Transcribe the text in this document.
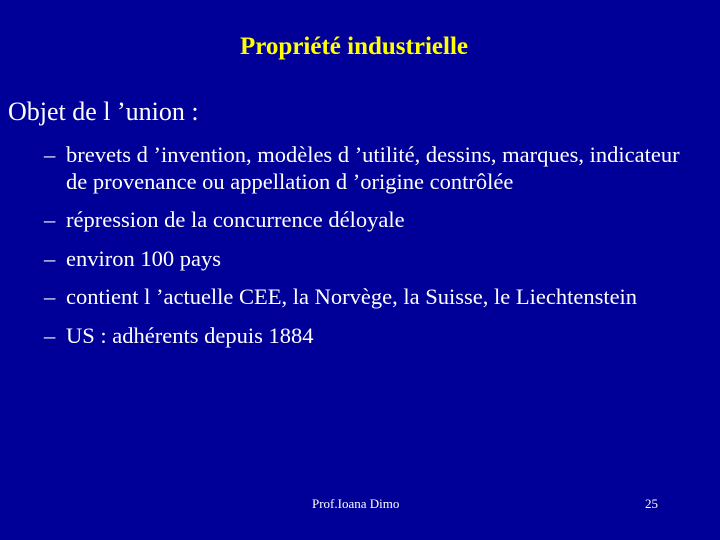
Propriété industrielle

Objet de l ’union :

– brevets d ’invention, modèles d ’utilité, dessins, marques, indicateur de provenance ou appellation d ’origine contrôlée
– répression de la concurrence déloyale
– environ 100 pays
– contient l ’actuelle CEE, la Norvège, la Suisse, le Liechtenstein
– US : adhérents depuis 1884
Prof.Ioana Dimo	25
